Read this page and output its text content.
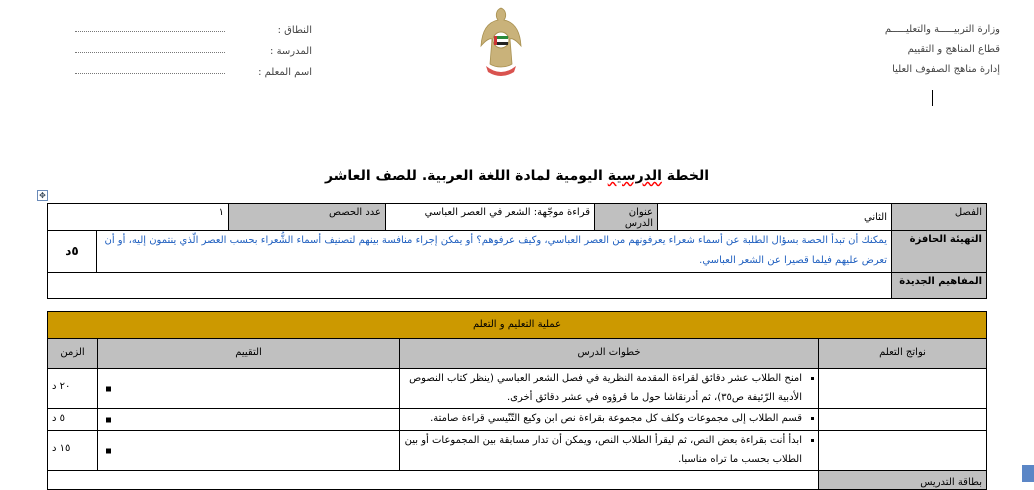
وزارة التربيـــــة والتعليـــــم
قطاع المناهج و التقييم
إدارة مناهج الصفوف العليا
النطاق :
المدرسة :
اسم المعلم :
الخطة الدرسية اليومية لمادة اللغة العربية. للصف العاشر
✥
الفصل
الثاني
عنوان الدرس
قراءة موجّهة: الشعر في العصر العباسي
عدد الحصص
١
التهيئة الحافزة
يمكنك أن تبدأ الحصة بسؤال الطلبة عن أسماء شعراء يعرفونهم من العصر العباسي، وكيف عرفوهم؟ أو يمكن إجراء منافسة بينهم لتصنيف أسماء الشُّعراء بحسب العصر الّذي ينتمون إليه، أو أن تعرض عليهم فيلما قصيرا عن الشعر العباسي.
٥د
المفاهيم الجديدة
عملية التعليم و التعلم
نواتج التعلم
خطوات الدرس
التقييم
الزمن
▪ امنح الطلاب عشر دقائق لقراءة المقدمة النظرية في فصل الشعر العباسي (ينظر كتاب النصوص الأدبية الرّئيفة ص٣٥)، ثم أدرنقاشا حول ما قرؤوه في عشر دقائق أخرى.
٢٠ د
▪ قسم الطلاب إلى مجموعات وكلف كل مجموعة بقراءة نص ابن وكيع التّنّيسي قراءة صامتة.
٥ د
▪ ابدأ أنت بقراءة بعض النص، ثم ليقرأ الطلاب النص، ويمكن أن تدار مسابقة بين المجموعات أو بين الطلاب بحسب ما تراه مناسبا.
١٥ د
بطاقة التدريس
